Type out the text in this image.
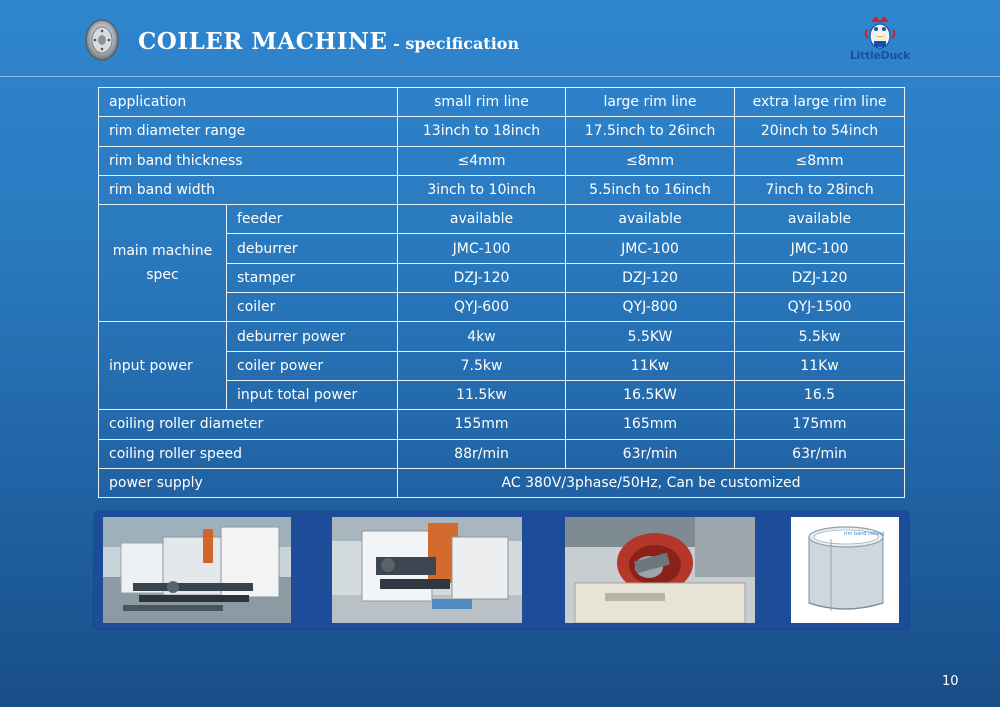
COILER MACHINE - specification
LittleDuck
application		small rim line	large rim line	extra large rim line
rim diameter range		13inch to 18inch	17.5inch to 26inch	20inch to 54inch
rim band thickness		≤4mm	≤8mm	≤8mm
rim band width		3inch to 10inch	5.5inch to 16inch	7inch to 28inch
main machine spec	feeder	available	available	available
	deburrer	JMC-100	JMC-100	JMC-100
	stamper	DZJ-120	DZJ-120	DZJ-120
	coiler	QYJ-600	QYJ-800	QYJ-1500
input power	deburrer power	4kw	5.5KW	5.5kw
	coiler power	7.5kw	11Kw	11Kw
	input total power	11.5kw	16.5KW	16.5
coiling roller diameter		155mm	165mm	175mm
coiling roller speed		88r/min	63r/min	63r/min
power supply		AC 380V/3phase/50Hz, Can be customized		
rim band coiling
10
